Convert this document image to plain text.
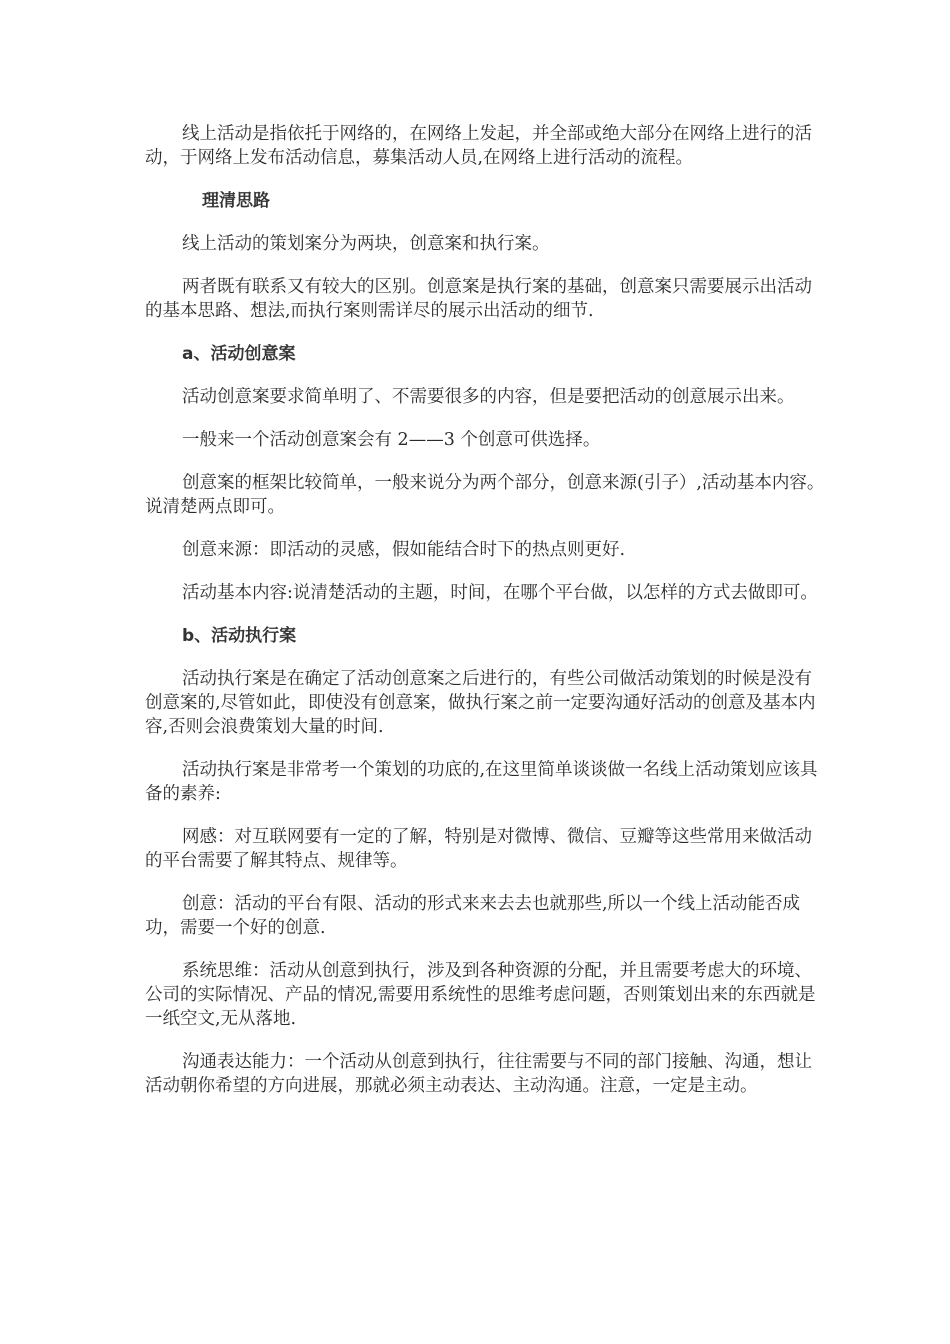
线上活动是指依托于网络的，在网络上发起，并全部或绝大部分在网络上进行的活动，于网络上发布活动信息，募集活动人员,在网络上进行活动的流程。

理清思路

线上活动的策划案分为两块，创意案和执行案。

两者既有联系又有较大的区别。创意案是执行案的基础，创意案只需要展示出活动的基本思路、想法,而执行案则需详尽的展示出活动的细节.

a、活动创意案

活动创意案要求简单明了、不需要很多的内容，但是要把活动的创意展示出来。

一般来一个活动创意案会有 2——3 个创意可供选择。

创意案的框架比较简单，一般来说分为两个部分，创意来源(引子）,活动基本内容。说清楚两点即可。

创意来源：即活动的灵感，假如能结合时下的热点则更好.

活动基本内容:说清楚活动的主题，时间，在哪个平台做，以怎样的方式去做即可。

b、活动执行案

活动执行案是在确定了活动创意案之后进行的，有些公司做活动策划的时候是没有创意案的,尽管如此，即使没有创意案，做执行案之前一定要沟通好活动的创意及基本内容,否则会浪费策划大量的时间.

活动执行案是非常考一个策划的功底的,在这里简单谈谈做一名线上活动策划应该具备的素养:

网感：对互联网要有一定的了解，特别是对微博、微信、豆瓣等这些常用来做活动的平台需要了解其特点、规律等。

创意：活动的平台有限、活动的形式来来去去也就那些,所以一个线上活动能否成功，需要一个好的创意.

系统思维：活动从创意到执行，涉及到各种资源的分配，并且需要考虑大的环境、公司的实际情况、产品的情况,需要用系统性的思维考虑问题，否则策划出来的东西就是一纸空文,无从落地.

沟通表达能力：一个活动从创意到执行，往往需要与不同的部门接触、沟通，想让活动朝你希望的方向进展，那就必须主动表达、主动沟通。注意，一定是主动。
